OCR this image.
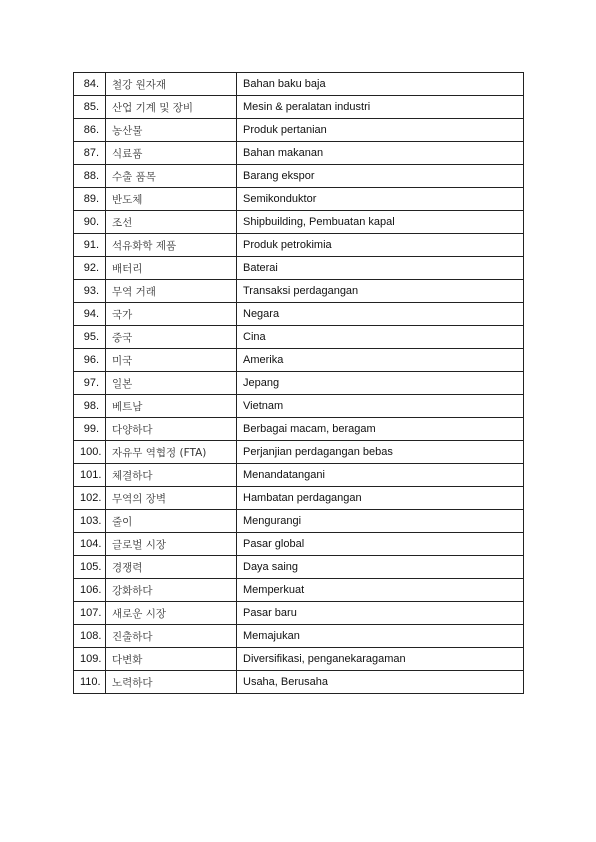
84.	철강 원자재	Bahan baku baja
85.	산업 기계 및 장비	Mesin & peralatan industri
86.	농산물	Produk pertanian
87.	식료품	Bahan makanan
88.	수출 품목	Barang ekspor
89.	반도체	Semikonduktor
90.	조선	Shipbuilding, Pembuatan kapal
91.	석유화학 제품	Produk petrokimia
92.	배터리	Baterai
93.	무역 거래	Transaksi perdagangan
94.	국가	Negara
95.	중국	Cina
96.	미국	Amerika
97.	일본	Jepang
98.	베트남	Vietnam
99.	다양하다	Berbagai macam, beragam
100.	자유무 역협정 (FTA)	Perjanjian perdagangan bebas
101.	체결하다	Menandatangani
102.	무역의 장벽	Hambatan perdagangan
103.	줄이	Mengurangi
104.	글로벌 시장	Pasar global
105.	경쟁력	Daya saing
106.	강화하다	Memperkuat
107.	새로운 시장	Pasar baru
108.	진출하다	Memajukan
109.	다변화	Diversifikasi, penganekaragaman
110.	노력하다	Usaha, Berusaha
